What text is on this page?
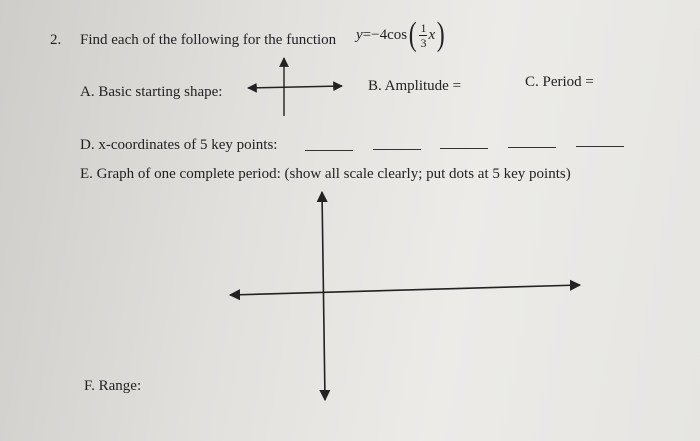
2. Find each of the following for the function y = −4cos ( $\frac{1}{3}$ x )
A. Basic starting shape:	B. Amplitude =	C. Period =
D. x-coordinates of 5 key points:
E. Graph of one complete period: (show all scale clearly; put dots at 5 key points)
F. Range:
